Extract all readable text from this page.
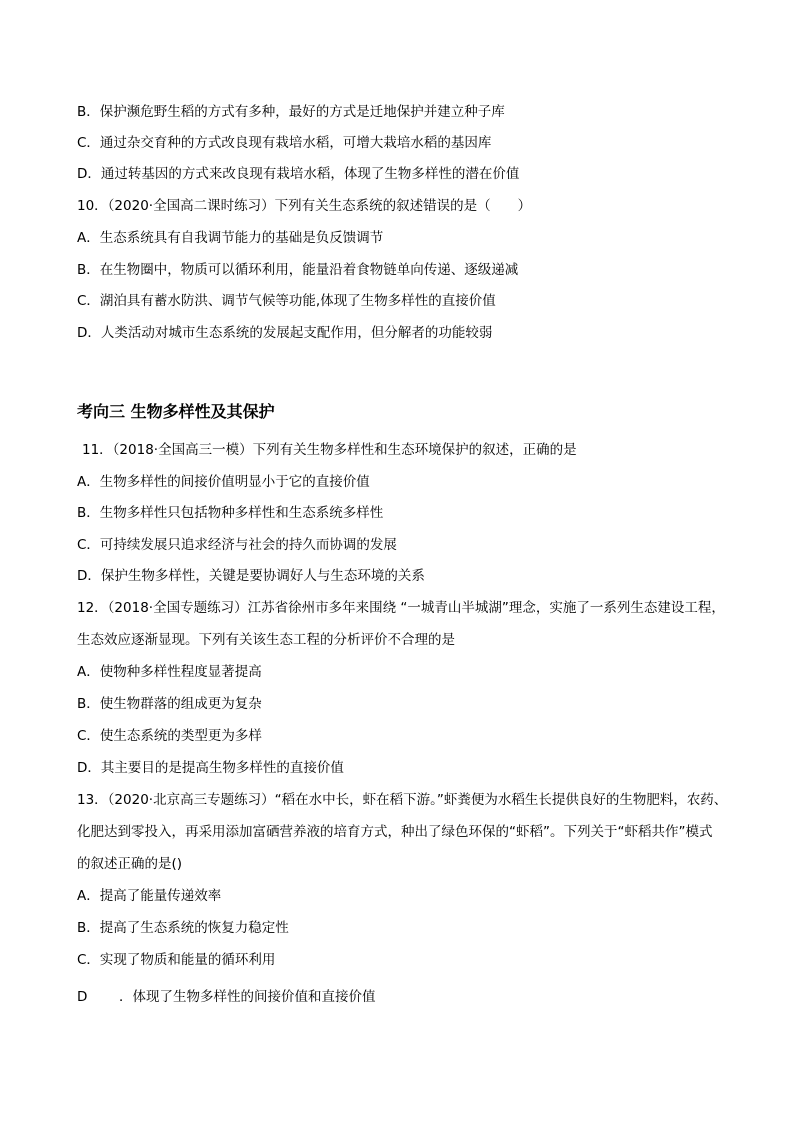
B．保护濒危野生稻的方式有多种，最好的方式是迁地保护并建立种子库
C．通过杂交育种的方式改良现有栽培水稻，可增大栽培水稻的基因库
D．通过转基因的方式来改良现有栽培水稻，体现了生物多样性的潜在价值
10．（2020·全国高二课时练习）下列有关生态系统的叙述错误的是（　　）
A．生态系统具有自我调节能力的基础是负反馈调节
B．在生物圈中，物质可以循环利用，能量沿着食物链单向传递、逐级递减
C．湖泊具有蓄水防洪、调节气候等功能,体现了生物多样性的直接价值
D．人类活动对城市生态系统的发展起支配作用，但分解者的功能较弱
考向三 生物多样性及其保护
11．（2018·全国高三一模）下列有关生物多样性和生态环境保护的叙述，正确的是
A．生物多样性的间接价值明显小于它的直接价值
B．生物多样性只包括物种多样性和生态系统多样性
C．可持续发展只追求经济与社会的持久而协调的发展
D．保护生物多样性，关键是要协调好人与生态环境的关系
12．（2018·全国专题练习）江苏省徐州市多年来围绕 “一城青山半城湖”理念，实施了一系列生态建设工程，
生态效应逐渐显现。下列有关该生态工程的分析评价不合理的是
A．使物种多样性程度显著提高
B．使生物群落的组成更为复杂
C．使生态系统的类型更为多样
D．其主要目的是提高生物多样性的直接价值
13．（2020·北京高三专题练习）“稻在水中长，虾在稻下游。”虾粪便为水稻生长提供良好的生物肥料，农药、
化肥达到零投入，再采用添加富硒营养液的培育方式，种出了绿色环保的“虾稻”。下列关于“虾稻共作”模式
的叙述正确的是()
A．提高了能量传递效率
B．提高了生态系统的恢复力稳定性
C．实现了物质和能量的循环利用
D ．体现了生物多样性的间接价值和直接价值
